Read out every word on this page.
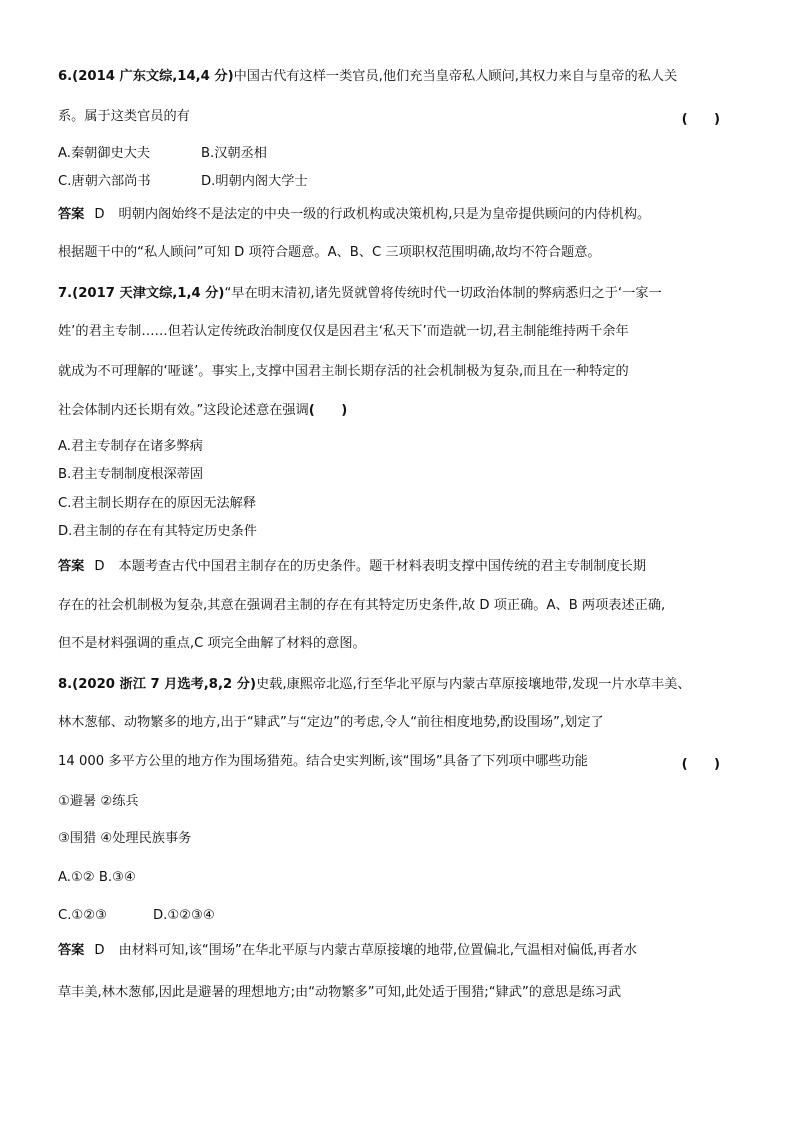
6.(2014 广东文综,14,4 分)中国古代有这样一类官员,他们充当皇帝私人顾问,其权力来自与皇帝的私人关
系。属于这类官员的有	(　　)
A.秦朝御史大夫	B.汉朝丞相
C.唐朝六部尚书	D.明朝内阁大学士
答案 D 明朝内阁始终不是法定的中央一级的行政机构或决策机构,只是为皇帝提供顾问的内侍机构。
根据题干中的“私人顾问”可知 D 项符合题意。A、B、C 三项职权范围明确,故均不符合题意。
7.(2017 天津文综,1,4 分)“早在明末清初,诸先贤就曾将传统时代一切政治体制的弊病悉归之于‘一家一
姓’的君主专制……但若认定传统政治制度仅仅是因君主‘私天下’而造就一切,君主制能维持两千余年
就成为不可理解的‘哑谜’。事实上,支撑中国君主制长期存活的社会机制极为复杂,而且在一种特定的
社会体制内还长期有效。”这段论述意在强调(　　)
A.君主专制存在诸多弊病
B.君主专制制度根深蒂固
C.君主制长期存在的原因无法解释
D.君主制的存在有其特定历史条件
答案 D 本题考查古代中国君主制存在的历史条件。题干材料表明支撑中国传统的君主专制制度长期
存在的社会机制极为复杂,其意在强调君主制的存在有其特定历史条件,故 D 项正确。A、B 两项表述正确,
但不是材料强调的重点,C 项完全曲解了材料的意图。
8.(2020 浙江 7 月选考,8,2 分)史载,康熙帝北巡,行至华北平原与内蒙古草原接壤地带,发现一片水草丰美、
林木葱郁、动物繁多的地方,出于“肄武”与“定边”的考虑,令人“前往相度地势,酌设围场”,划定了
14 000 多平方公里的地方作为围场猎苑。结合史实判断,该“围场”具备了下列项中哪些功能	(　　)
①避暑 ②练兵
③围猎 ④处理民族事务
A.①② B.③④
C.①②③	D.①②③④
答案 D 由材料可知,该“围场”在华北平原与内蒙古草原接壤的地带,位置偏北,气温相对偏低,再者水
草丰美,林木葱郁,因此是避暑的理想地方;由“动物繁多”可知,此处适于围猎;“肄武”的意思是练习武
